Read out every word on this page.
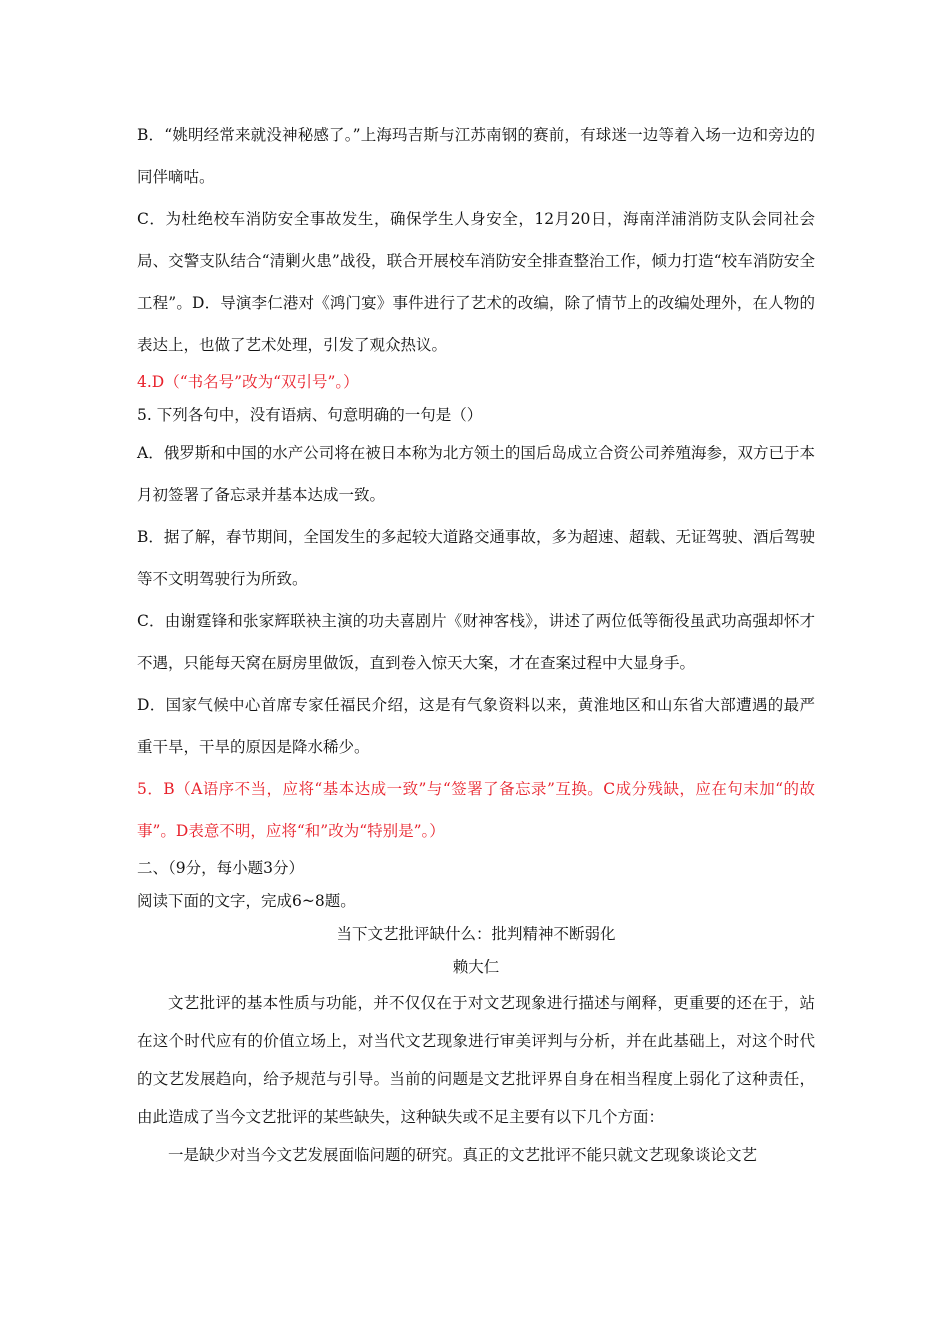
B．“姚明经常来就没神秘感了。”上海玛吉斯与江苏南钢的赛前，有球迷一边等着入场一边和旁边的同伴嘀咕。

C．为杜绝校车消防安全事故发生，确保学生人身安全，12月20日，海南洋浦消防支队会同社会局、交警支队结合“清剿火患”战役，联合开展校车消防安全排查整治工作，倾力打造“校车消防安全工程”。D．导演李仁港对《鸿门宴》事件进行了艺术的改编，除了情节上的改编处理外，在人物的表达上，也做了艺术处理，引发了观众热议。

4.D（“书名号”改为“双引号”。）

5. 下列各句中，没有语病、句意明确的一句是（）

A．俄罗斯和中国的水产公司将在被日本称为北方领土的国后岛成立合资公司养殖海参，双方已于本月初签署了备忘录并基本达成一致。

B．据了解，春节期间，全国发生的多起较大道路交通事故，多为超速、超载、无证驾驶、酒后驾驶等不文明驾驶行为所致。

C．由谢霆锋和张家辉联袂主演的功夫喜剧片《财神客栈》，讲述了两位低等衙役虽武功高强却怀才不遇，只能每天窝在厨房里做饭，直到卷入惊天大案，才在查案过程中大显身手。

D．国家气候中心首席专家任福民介绍，这是有气象资料以来，黄淮地区和山东省大部遭遇的最严重干旱，干旱的原因是降水稀少。

5．B（A语序不当，应将“基本达成一致”与“签署了备忘录”互换。C成分残缺，应在句末加“的故事”。D表意不明，应将“和”改为“特别是”。）

二、（9分，每小题3分）

阅读下面的文字，完成6~8题。

当下文艺批评缺什么：批判精神不断弱化

赖大仁

文艺批评的基本性质与功能，并不仅仅在于对文艺现象进行描述与阐释，更重要的还在于，站在这个时代应有的价值立场上，对当代文艺现象进行审美评判与分析，并在此基础上，对这个时代的文艺发展趋向，给予规范与引导。当前的问题是文艺批评界自身在相当程度上弱化了这种责任，由此造成了当今文艺批评的某些缺失，这种缺失或不足主要有以下几个方面：

一是缺少对当今文艺发展面临问题的研究。真正的文艺批评不能只就文艺现象谈论文艺
